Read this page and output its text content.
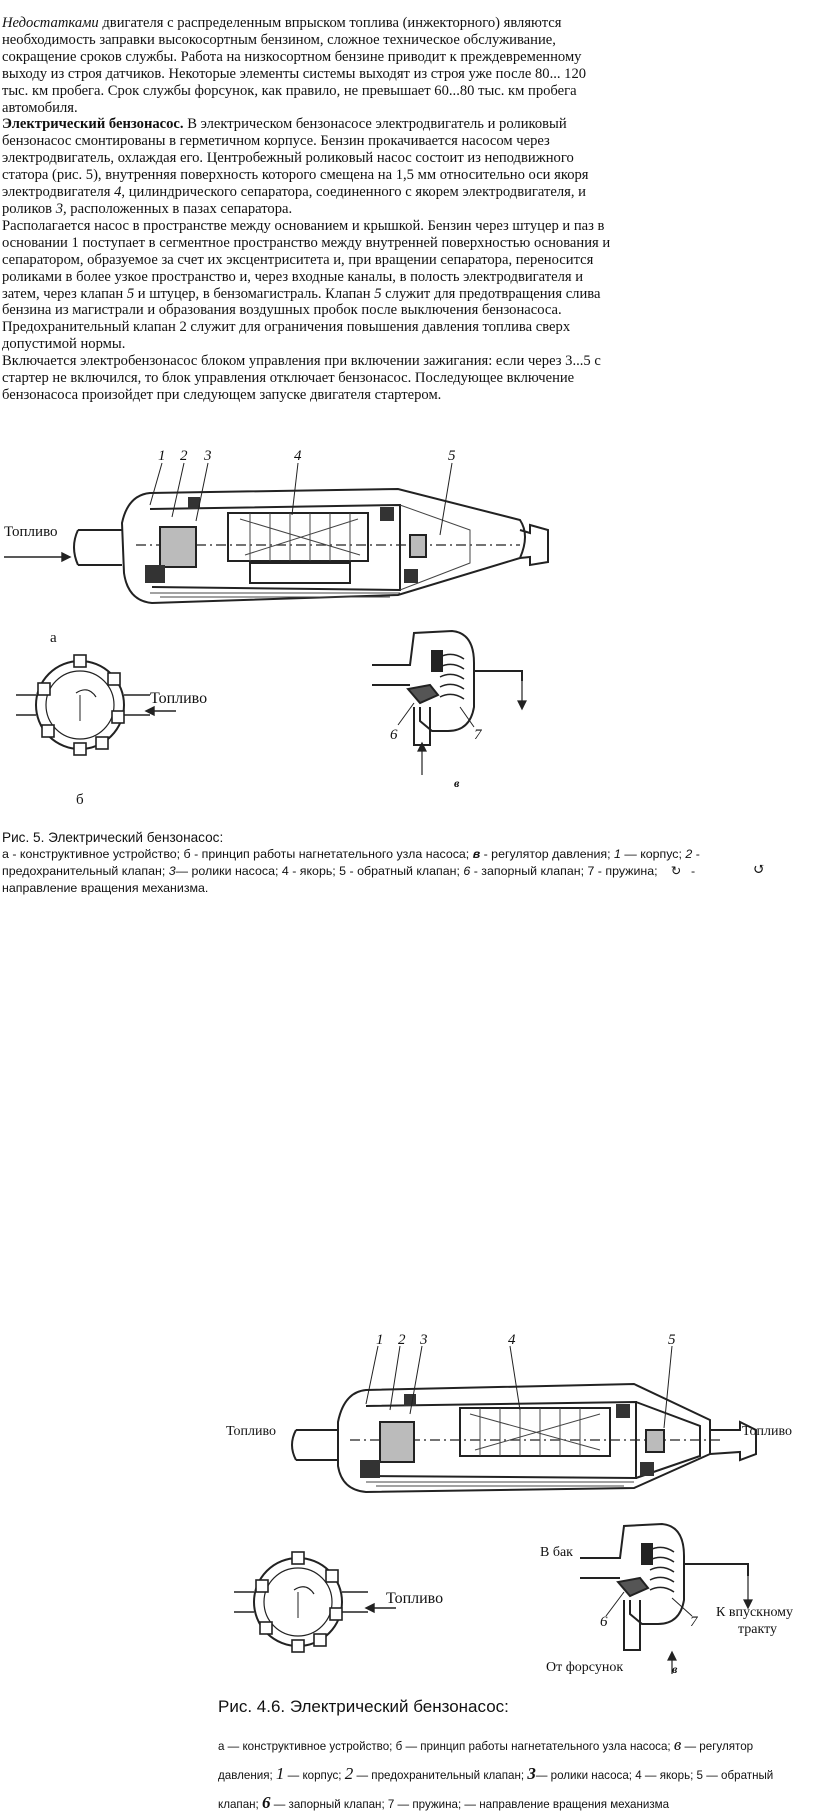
Недостатками двигателя с распределенным впрыском топлива (инжекторного) являются необходимость заправки высокосортным бензином, сложное техническое обслуживание, сокращение сроков службы. Работа на низкосортном бензине приводит к преждевременному выходу из строя датчиков. Некоторые элементы системы выходят из строя уже после 80... 120 тыс. км пробега. Срок службы форсунок, как правило, не превышает 60...80 тыс. км пробега автомобиля.

Электрический бензонасос. В электрическом бензонасосе электродвигатель и роликовый бензонасос смонтированы в герметичном корпусе. Бензин прокачивается насосом через электродвигатель, охлаждая его. Центробежный роликовый насос состоит из неподвижного статора (рис. 5), внутренняя поверхность которого смещена на 1,5 мм относительно оси якоря электродвигателя 4, цилиндрического сепаратора, соединенного с якорем электродвигателя, и роликов 3, расположенных в пазах сепаратора.

Располагается насос в пространстве между основанием и крышкой. Бензин через штуцер и паз в основании 1 поступает в сегментное пространство между внутренней поверхностью основания и сепаратором, образуемое за счет их эксцентриситета и, при вращении сепаратора, переносится роликами в более узкое пространство и, через входные каналы, в полость электродвигателя и затем, через клапан 5 и штуцер, в бензомагистраль. Клапан 5 служит для предотвращения слива бензина из магистрали и образования воздушных пробок после выключения бензонасоса. Предохранительный клапан 2 служит для ограничения повышения давления топлива сверх допустимой нормы.

Включается электробензонасос блоком управления при включении зажигания: если через 3...5 с стартер не включился, то блок управления отключает бензонасос. Последующее включение бензонасоса произойдет при следующем запуске двигателя стартером.

Топливо
1 2 3	4	5
а
Топливо
б
6	7
в
Рис. 5. Электрический бензонасос:
а - конструктивное устройство; б - принцип работы нагнетательного узла насоса; в - регулятор давления; 1 — корпус; 2 - предохранительный клапан; 3— ролики насоса; 4 - якорь; 5 - обратный клапан; 6 - запорный клапан; 7 - пружина; ↻ - направление вращения механизма.
↺
Топливо	Топливо
1 2 3	4	5
Топливо
В бак
К впускному
тракту
От форсунок
6	7
в
Рис. 4.6. Электрический бензонасос:
а — конструктивное устройство; б — принцип работы нагнетательного узла насоса; в — регулятор давления; 1 — корпус; 2 — предохранительный клапан; 3— ролики насоса; 4 — якорь; 5 — обратный клапан; 6 — запорный клапан; 7 — пружина; — направление вращения механизма
